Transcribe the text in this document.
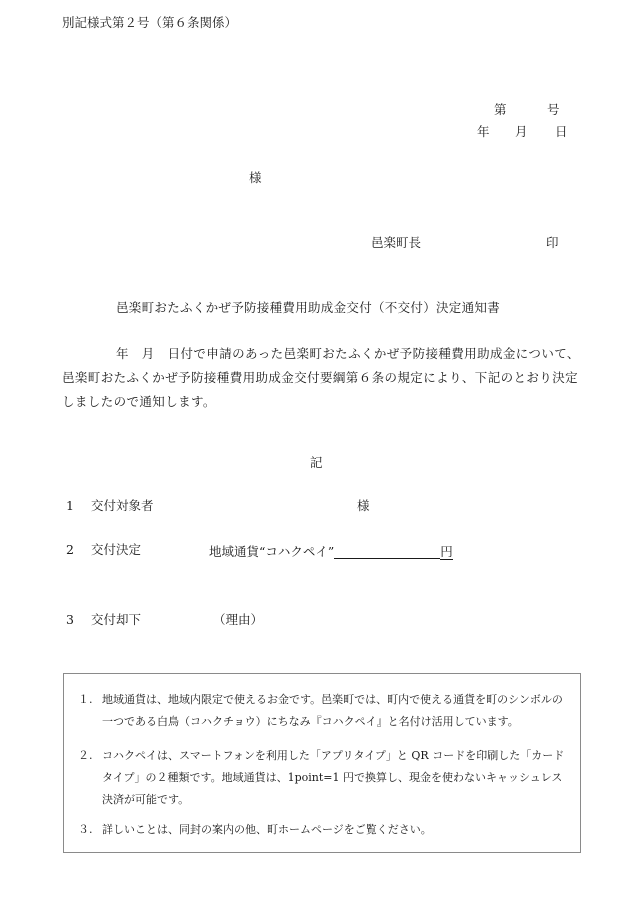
別記様式第２号（第６条関係）
第	号
年 月 日
様
邑楽町長	印
邑楽町おたふくかぜ予防接種費用助成金交付（不交付）決定通知書
年　月　日付で申請のあった邑楽町おたふくかぜ予防接種費用助成金について、邑楽町おたふくかぜ予防接種費用助成金交付要綱第６条の規定により、下記のとおり決定しましたので通知します。
記
1 交付対象者	様
2 交付決定	地域通貨“コハクペイ”	円
3 交付却下	（理由）
１. 地域通貨は、地域内限定で使えるお金です。邑楽町では、町内で使える通貨を町のシンボルの一つである白鳥（コハクチョウ）にちなみ『コハクペイ』と名付け活用しています。
２. コハクペイは、スマートフォンを利用した「アプリタイプ」と QR コードを印刷した「カードタイプ」の２種類です。地域通貨は、1point=1 円で換算し、現金を使わないキャッシュレス決済が可能です。
３. 詳しいことは、同封の案内の他、町ホームページをご覧ください。
